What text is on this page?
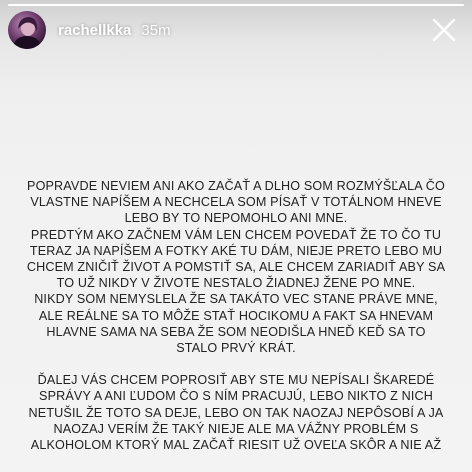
rachellkka 35m

POPRAVDE NEVIEM ANI AKO ZAČAŤ A DLHO SOM ROZMÝŠĽALA ČO
VLASTNE NAPÍŠEM A NECHCELA SOM PÍSAŤ V TOTÁLNOM HNEVE
LEBO BY TO NEPOMOHLO ANI MNE.
PREDTÝM AKO ZAČNEM VÁM LEN CHCEM POVEDAŤ ŽE TO ČO TU
TERAZ JA NAPÍŠEM A FOTKY AKÉ TU DÁM, NIEJE PRETO LEBO MU
CHCEM ZNIČIŤ ŽIVOT A POMSTIŤ SA, ALE CHCEM ZARIADIŤ ABY SA
TO UŽ NIKDY V ŽIVOTE NESTALO ŽIADNEJ ŽENE PO MNE.
NIKDY SOM NEMYSLELA ŽE SA TAKÁTO VEC STANE PRÁVE MNE,
ALE REÁLNE SA TO MÔŽE STAŤ HOCIKOMU A FAKT SA HNEVAM
HLAVNE SAMA NA SEBA ŽE SOM NEODIŠLA HNEĎ KEĎ SA TO
STALO PRVÝ KRÁT.

ĎALEJ VÁS CHCEM POPROSIŤ ABY STE MU NEPÍSALI ŠKAREDÉ
SPRÁVY A ANI ĽUDOM ČO S NÍM PRACUJÚ, LEBO NIKTO Z NICH
NETUŠIL ŽE TOTO SA DEJE, LEBO ON TAK NAOZAJ NEPÔSOBÍ A JA
NAOZAJ VERÍM ŽE TAKÝ NIEJE ALE MA VÁŽNY PROBLÉM S
ALKOHOLOM KTORÝ MAL ZAČAŤ RIESIT UŽ OVEĽA SKÔR A NIE AŽ
